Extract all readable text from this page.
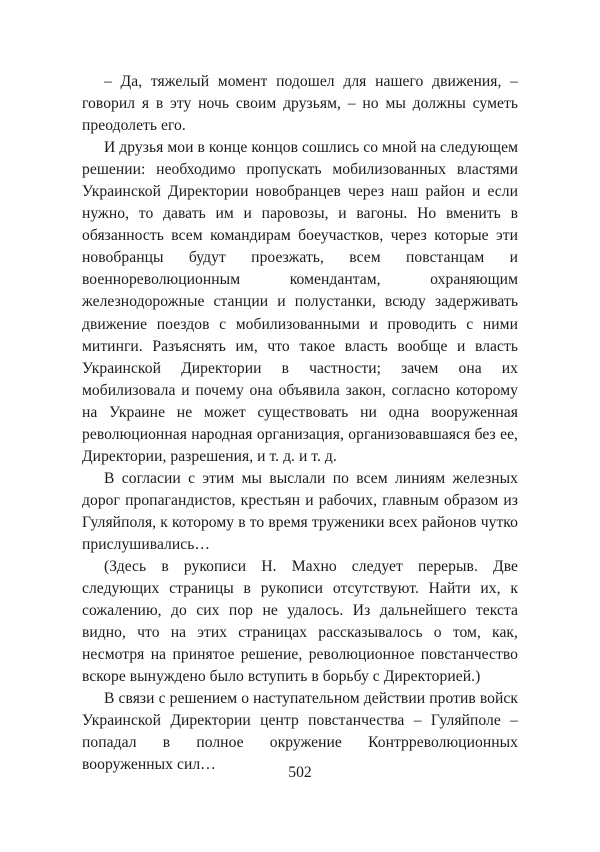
– Да, тяжелый момент подошел для нашего движения, – говорил я в эту ночь своим друзьям, – но мы должны суметь преодолеть его.

И друзья мои в конце концов сошлись со мной на следующем решении: необходимо пропускать мобилизованных властями Украинской Директории новобранцев через наш район и если нужно, то давать им и паровозы, и вагоны. Но вменить в обязанность всем командирам боеучастков, через которые эти новобранцы будут проезжать, всем повстанцам и военнореволюционным комендантам, охраняющим железнодорожные станции и полустанки, всюду задерживать движение поездов с мобилизованными и проводить с ними митинги. Разъяснять им, что такое власть вообще и власть Украинской Директории в частности; зачем она их мобилизовала и почему она объявила закон, согласно которому на Украине не может существовать ни одна вооруженная революционная народная организация, организовавшаяся без ее, Директории, разрешения, и т. д. и т. д.

В согласии с этим мы выслали по всем линиям железных дорог пропагандистов, крестьян и рабочих, главным образом из Гуляйполя, к которому в то время труженики всех районов чутко прислушивались…

(Здесь в рукописи Н. Махно следует перерыв. Две следующих страницы в рукописи отсутствуют. Найти их, к сожалению, до сих пор не удалось. Из дальнейшего текста видно, что на этих страницах рассказывалось о том, как, несмотря на принятое решение, революционное повстанчество вскоре вынуждено было вступить в борьбу с Директорией.)

В связи с решением о наступательном действии против войск Украинской Директории центр повстанчества – Гуляйполе – попадал в полное окружение Контрреволюционных вооруженных сил…	502
